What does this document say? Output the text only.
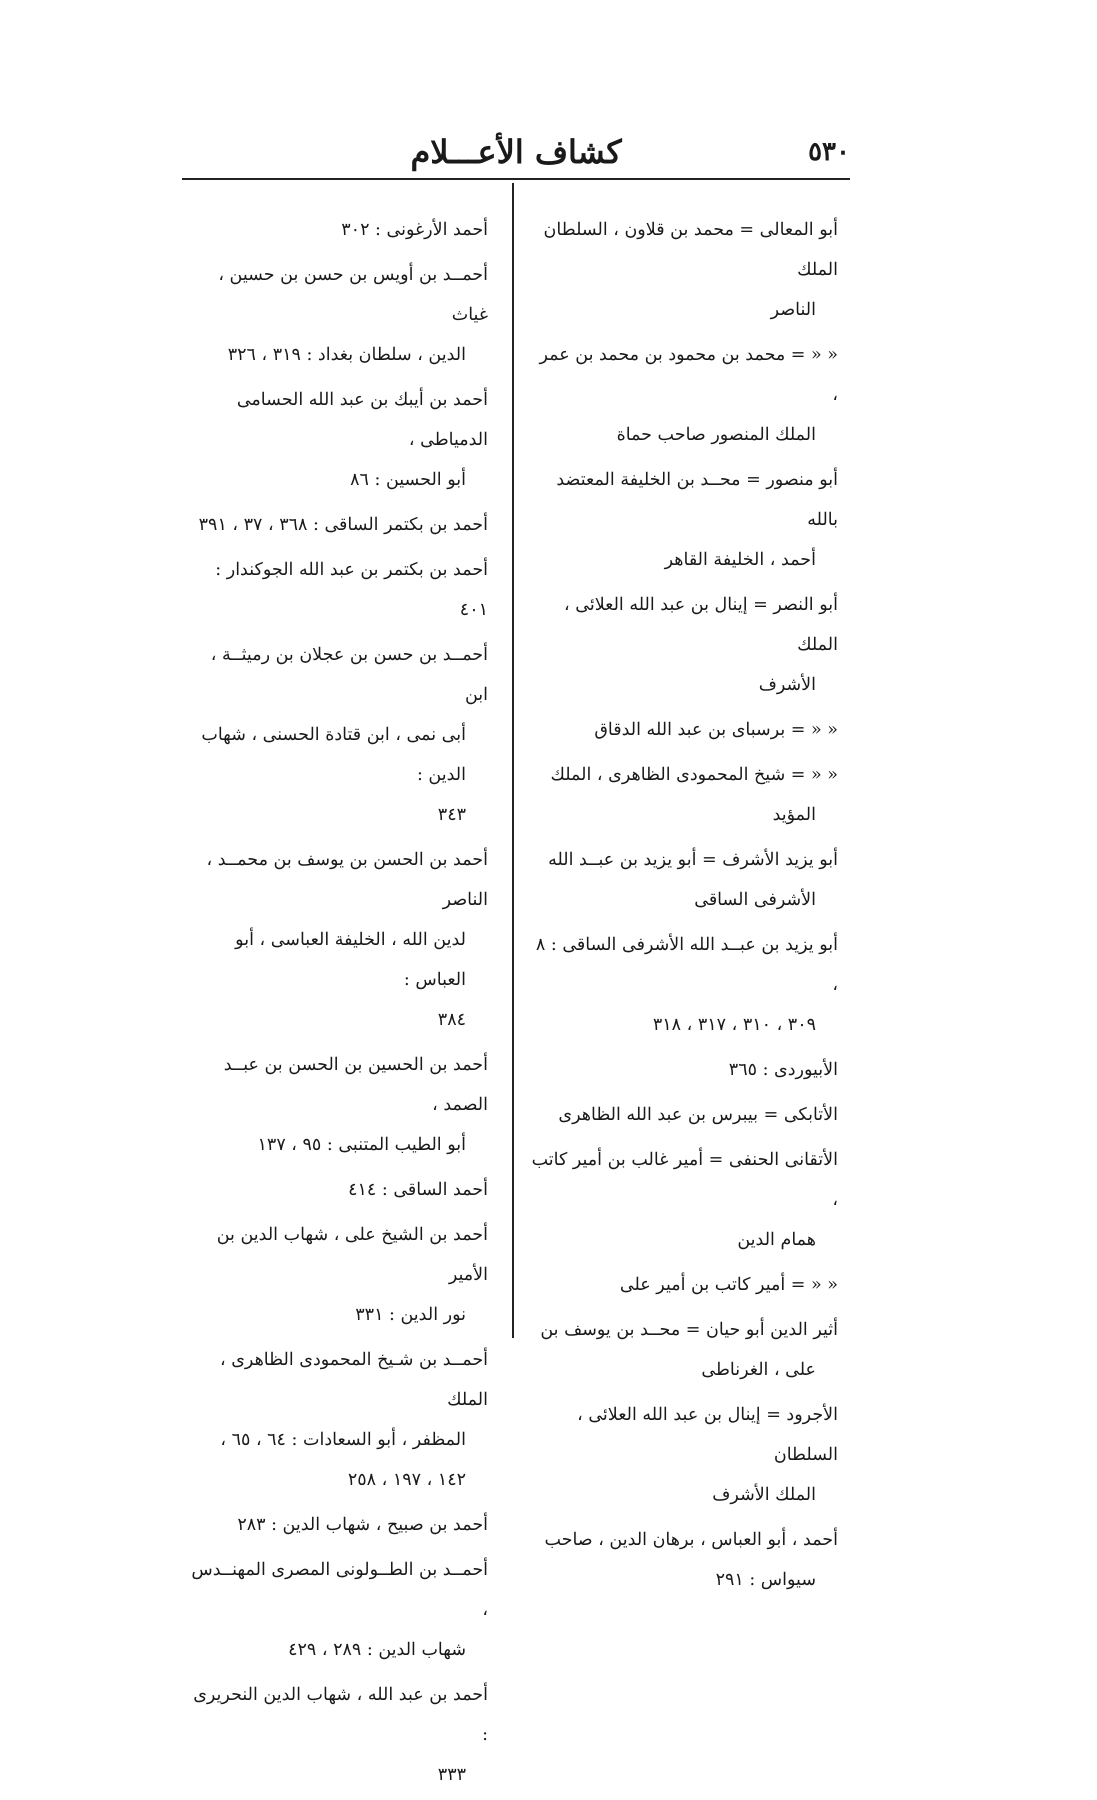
٥٣٠
كشاف الأعـــلام
أبو المعالى = محمد بن قلاون ، السلطان الملك
الناصر
« « = محمد بن محمود بن محمد بن عمر ،
الملك المنصور صاحب حماة
أبو منصور = محــد بن الخليفة المعتضد بالله
أحمد ، الخليفة القاهر
أبو النصر = إينال بن عبد الله العلائى ، الملك
الأشرف
« « = برسباى بن عبد الله الدقاق
« « = شيخ المحمودى الظاهرى ، الملك
المؤيد
أبو يزيد الأشرف = أبو يزيد بن عبــد الله
الأشرفى الساقى
أبو يزيد بن عبــد الله الأشرفى الساقى : ٨ ،
٣٠٩ ، ٣١٠ ، ٣١٧ ، ٣١٨
الأبيوردى : ٣٦٥
الأتابكى = بيبرس بن عبد الله الظاهرى
الأتقانى الحنفى = أمير غالب بن أمير كاتب ،
همام الدين
« « = أمير كاتب بن أمير على
أثير الدين أبو حيان = محــد بن يوسف بن
على ، الغرناطى
الأجرود = إينال بن عبد الله العلائى ، السلطان
الملك الأشرف
أحمد ، أبو العباس ، برهان الدين ، صاحب
سيواس : ٢٩١
أحمد الأرغونى : ٣٠٢
أحمــد بن أويس بن حسن بن حسين ، غياث
الدين ، سلطان بغداد : ٣١٩ ، ٣٢٦
أحمد بن أيبك بن عبد الله الحسامى الدمياطى ،
أبو الحسين : ٨٦
أحمد بن بكتمر الساقى : ٣٦٨ ، ٣٧ ، ٣٩١
أحمد بن بكتمر بن عبد الله الجوكندار : ٤٠١
أحمــد بن حسن بن عجلان بن رميثــة ، ابن
أبى نمى ، ابن قتادة الحسنى ، شهاب الدين :
٣٤٣
أحمد بن الحسن بن يوسف بن محمــد ، الناصر
لدين الله ، الخليفة العباسى ، أبو العباس :
٣٨٤
أحمد بن الحسين بن الحسن بن عبــد الصمد ،
أبو الطيب المتنبى : ٩٥ ، ١٣٧
أحمد الساقى : ٤١٤
أحمد بن الشيخ على ، شهاب الدين بن الأمير
نور الدين : ٣٣١
أحمــد بن شـيخ المحمودى الظاهرى ، الملك
المظفر ، أبو السعادات : ٦٤ ، ٦٥ ،
١٤٢ ، ١٩٧ ، ٢٥٨
أحمد بن صبيح ، شهاب الدين : ٢٨٣
أحمــد بن الطــولونى المصرى المهنــدس ،
شهاب الدين : ٢٨٩ ، ٤٢٩
أحمد بن عبد الله ، شهاب الدين النحريرى :
٣٣٣
